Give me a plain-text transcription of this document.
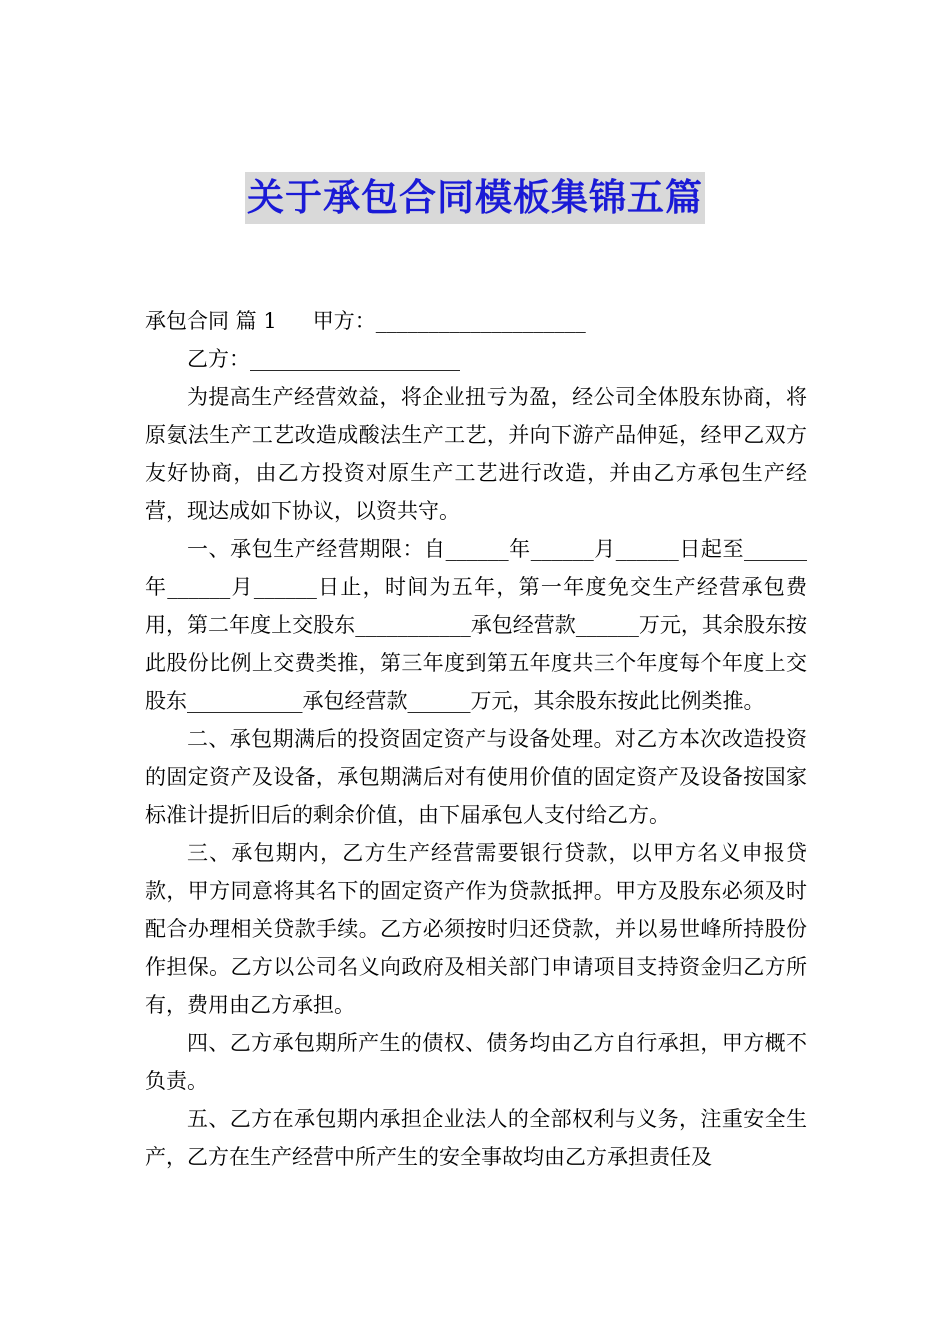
关于承包合同模板集锦五篇

承包合同 篇 1 甲方：____________________

乙方：____________________

为提高生产经营效益，将企业扭亏为盈，经公司全体股东协商，将原氨法生产工艺改造成酸法生产工艺，并向下游产品伸延，经甲乙双方友好协商，由乙方投资对原生产工艺进行改造，并由乙方承包生产经营，现达成如下协议，以资共守。

一、承包生产经营期限：自______年______月______日起至______年______月______日止，时间为五年，第一年度免交生产经营承包费用，第二年度上交股东___________承包经营款______万元，其余股东按此股份比例上交费类推，第三年度到第五年度共三个年度每个年度上交股东___________承包经营款______万元，其余股东按此比例类推。

二、承包期满后的投资固定资产与设备处理。对乙方本次改造投资的固定资产及设备，承包期满后对有使用价值的固定资产及设备按国家标准计提折旧后的剩余价值，由下届承包人支付给乙方。

三、承包期内，乙方生产经营需要银行贷款，以甲方名义申报贷款，甲方同意将其名下的固定资产作为贷款抵押。甲方及股东必须及时配合办理相关贷款手续。乙方必须按时归还贷款，并以易世峰所持股份作担保。乙方以公司名义向政府及相关部门申请项目支持资金归乙方所有，费用由乙方承担。

四、乙方承包期所产生的债权、债务均由乙方自行承担，甲方概不负责。

五、乙方在承包期内承担企业法人的全部权利与义务，注重安全生产，乙方在生产经营中所产生的安全事故均由乙方承担责任及
